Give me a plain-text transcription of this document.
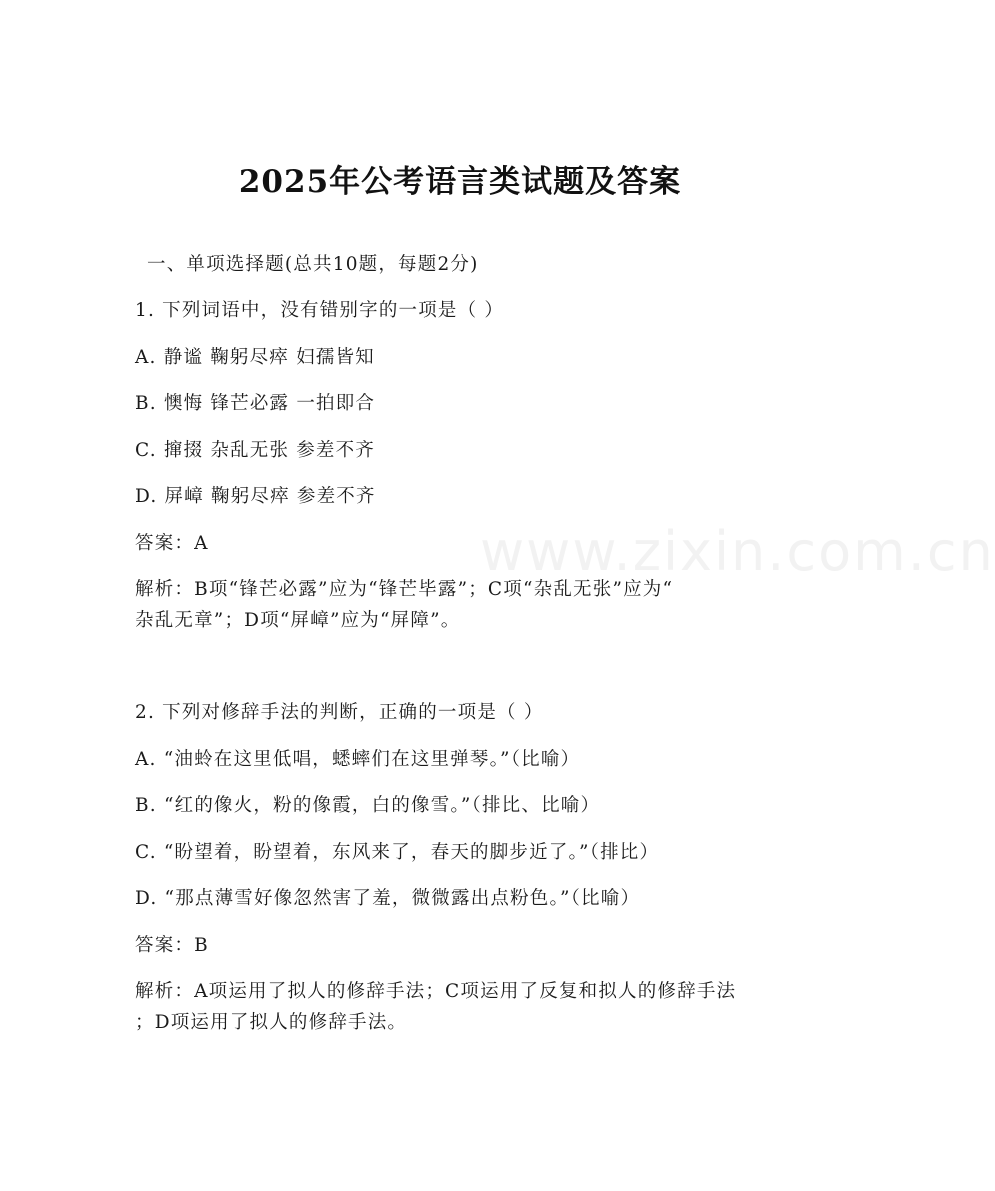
www.zixin.com.cn
2025年公考语言类试题及答案
一、单项选择题(总共10题，每题2分)
1. 下列词语中，没有错别字的一项是（ ）
A. 静谧 鞠躬尽瘁 妇孺皆知
B. 懊悔 锋芒必露 一拍即合
C. 撺掇 杂乱无张 参差不齐
D. 屏嶂 鞠躬尽瘁 参差不齐
答案：A
解析：B项“锋芒必露”应为“锋芒毕露”；C项“杂乱无张”应为“
杂乱无章”；D项“屏嶂”应为“屏障”。
2. 下列对修辞手法的判断，正确的一项是（ ）
A. “油蛉在这里低唱，蟋蟀们在这里弹琴。”（比喻）
B. “红的像火，粉的像霞，白的像雪。”（排比、比喻）
C. “盼望着，盼望着，东风来了，春天的脚步近了。”（排比）
D. “那点薄雪好像忽然害了羞，微微露出点粉色。”（比喻）
答案：B
解析：A项运用了拟人的修辞手法；C项运用了反复和拟人的修辞手法
；D项运用了拟人的修辞手法。
